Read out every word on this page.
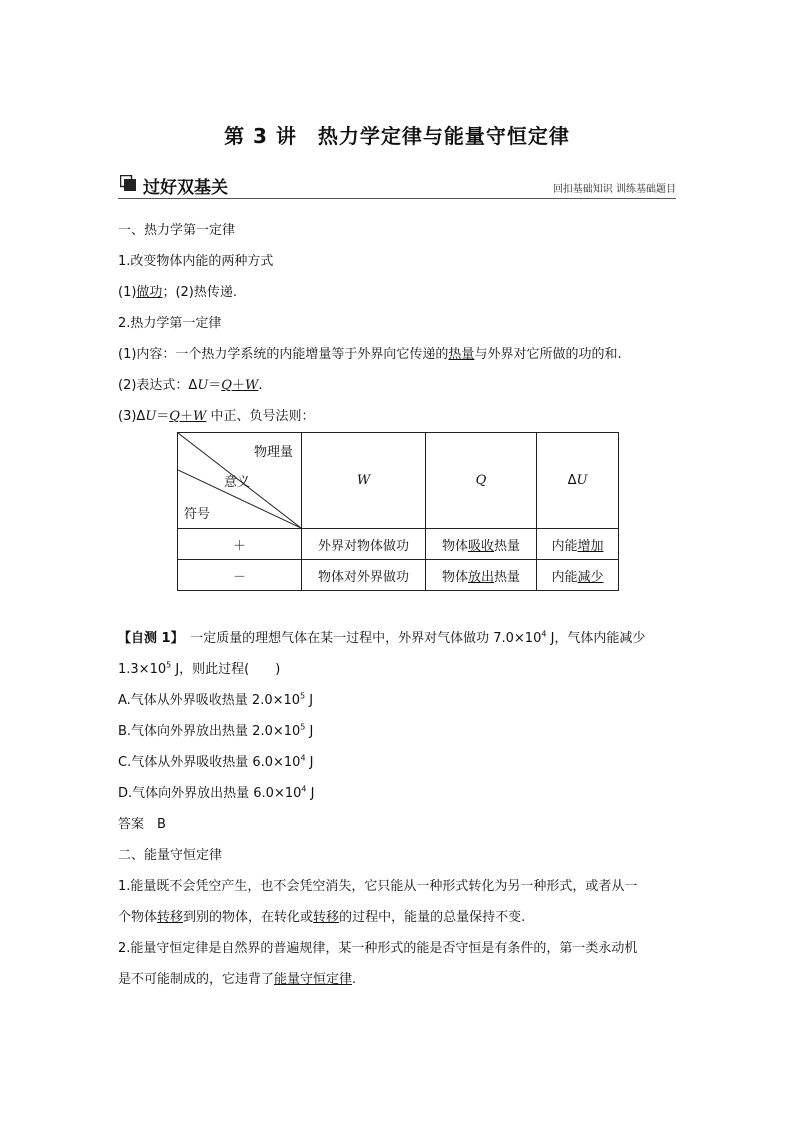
第 3 讲　热力学定律与能量守恒定律
过好双基关	回扣基础知识 训练基础题目
一、热力学第一定律
1.改变物体内能的两种方式
(1)做功；(2)热传递.
2.热力学第一定律
(1)内容：一个热力学系统的内能增量等于外界向它传递的热量与外界对它所做的功的和.
(2)表达式：ΔU＝Q＋W.
(3)ΔU＝Q＋W 中正、负号法则：
物理量
意义
符号	W	Q	ΔU
＋	外界对物体做功	物体吸收热量	内能增加
－	物体对外界做功	物体放出热量	内能减少
【自测 1】　 一定质量的理想气体在某一过程中，外界对气体做功 $7.0\times 10^4$ J，气体内能减少
$1.3\times 10^5$ J，则此过程(　　)
A.气体从外界吸收热量 $2.0\times 10^5$ J
B.气体向外界放出热量 $2.0\times 10^5$ J
C.气体从外界吸收热量 $6.0\times 10^4$ J
D.气体向外界放出热量 $6.0\times 10^4$ J
答案　B
二、能量守恒定律
1.能量既不会凭空产生，也不会凭空消失，它只能从一种形式转化为另一种形式，或者从一
个物体转移到别的物体，在转化或转移的过程中，能量的总量保持不变.
2.能量守恒定律是自然界的普遍规律，某一种形式的能是否守恒是有条件的，第一类永动机
是不可能制成的，它违背了能量守恒定律.
